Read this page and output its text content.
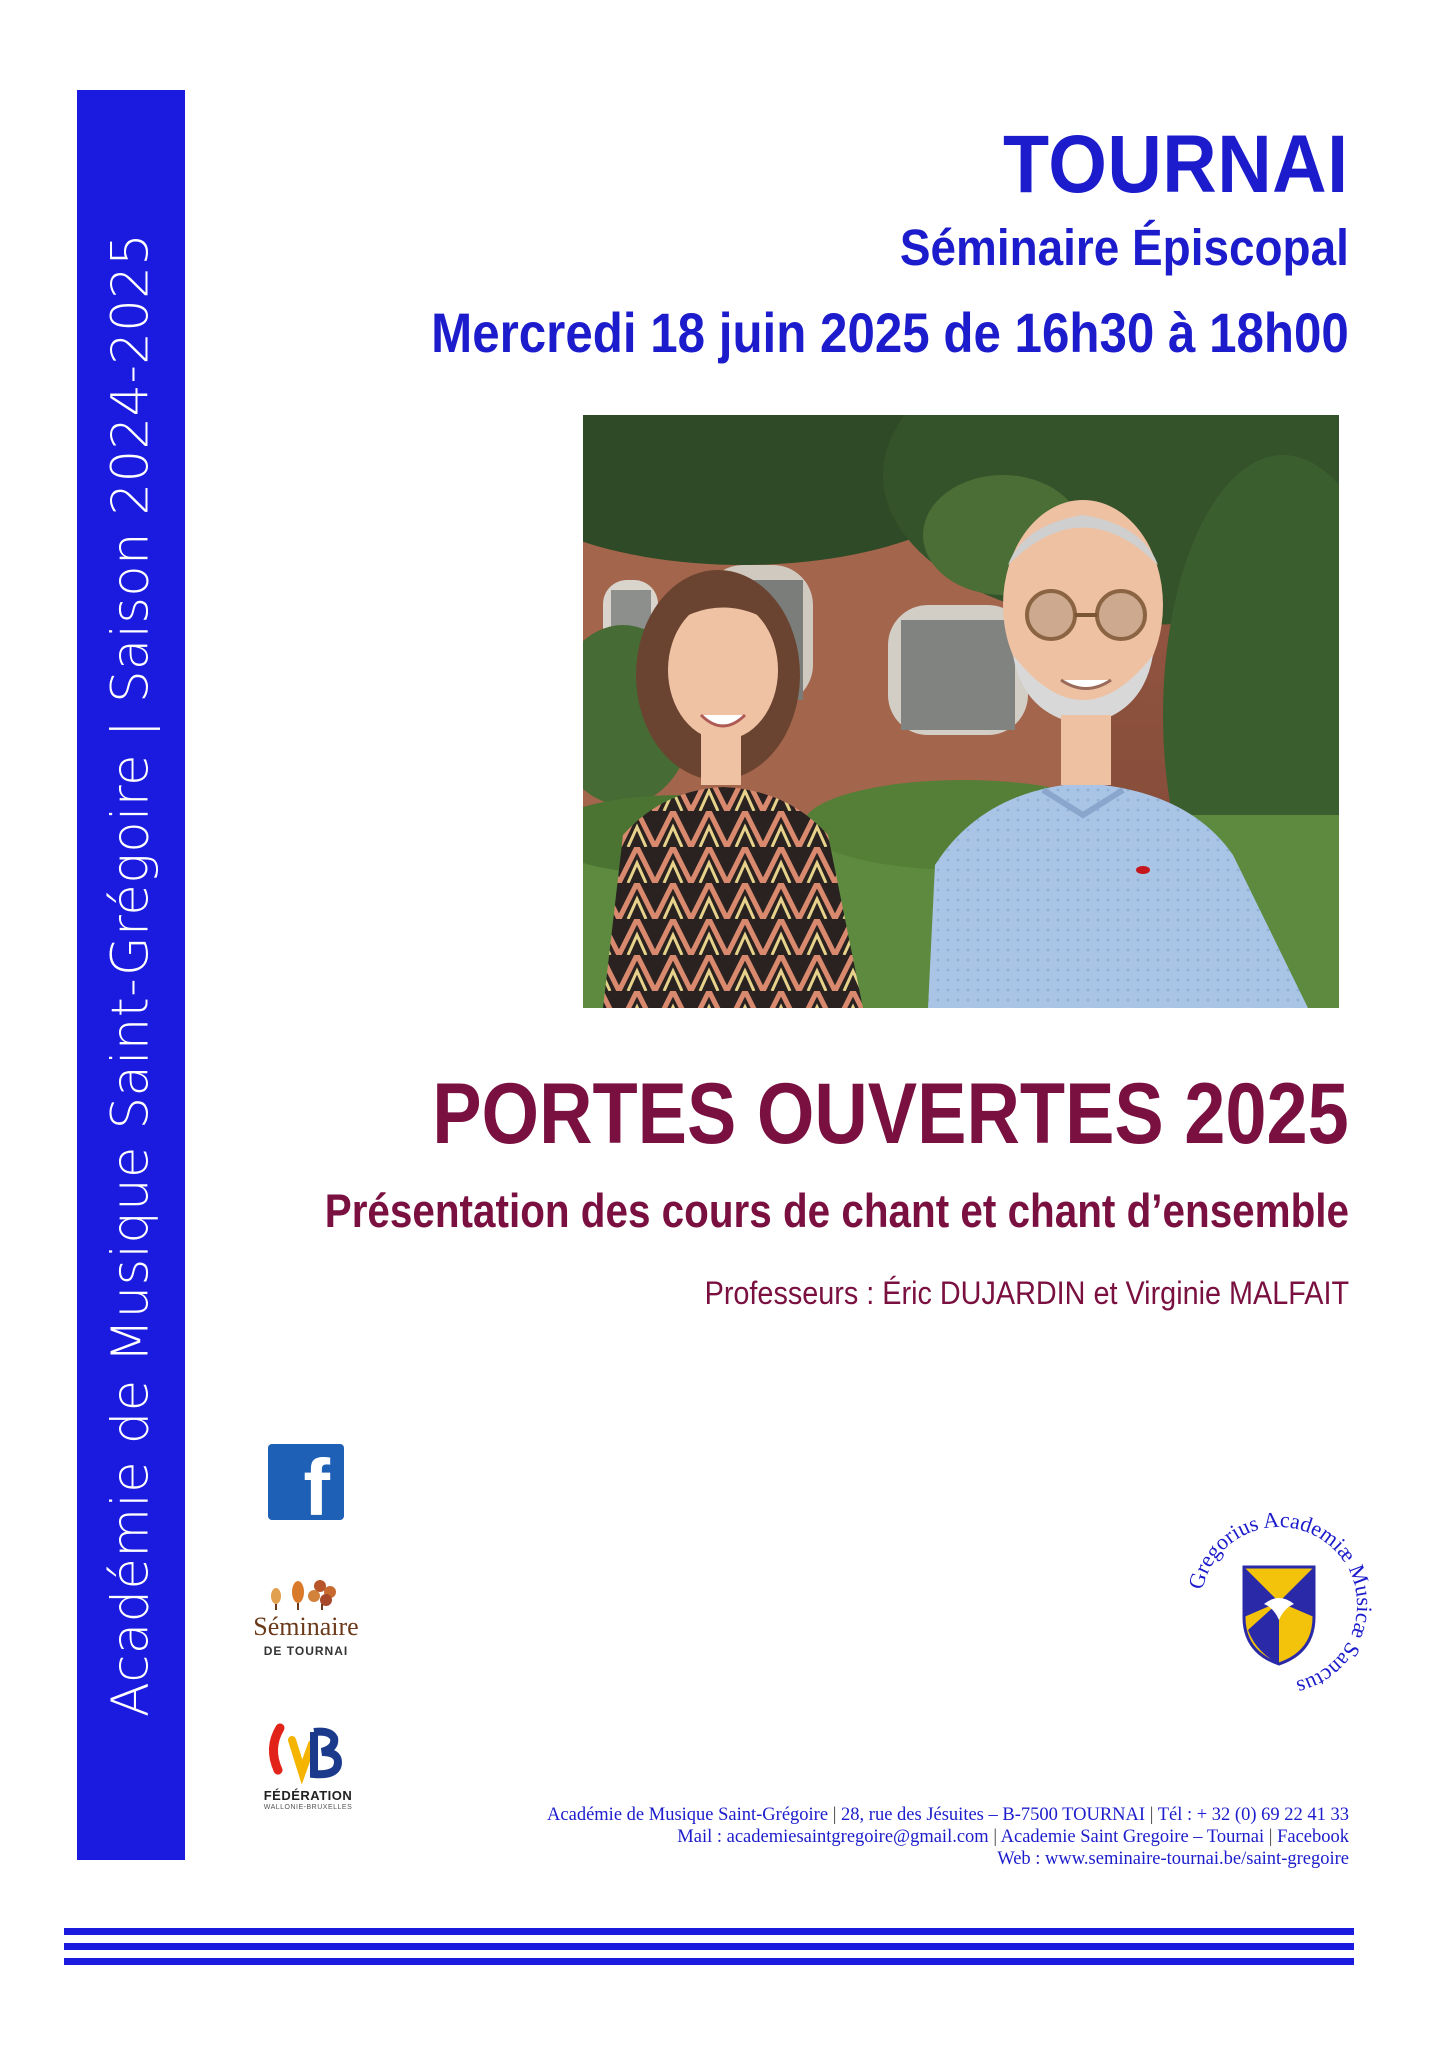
Académie de Musique Saint-Grégoire | Saison 2024-2025
TOURNAI
Séminaire Épiscopal
Mercredi 18 juin 2025 de 16h30 à 18h00
PORTES OUVERTES 2025
Présentation des cours de chant et chant d’ensemble
Professeurs : Éric DUJARDIN et Virginie MALFAIT
f
Séminaire
DE TOURNAI
FÉDÉRATION
WALLONIE-BRUXELLES
regorius Academiæ M æ Sanctus
Académie de Musique Saint-Grégoire | 28, rue des Jésuites – B-7500 TOURNAI | Tél : + 32 (0) 69 22 41 33
Mail : academiesaintgregoire@gmail.com | Academie Saint Gregoire – Tournai | Facebook
Web : www.seminaire-tournai.be/saint-gregoire
